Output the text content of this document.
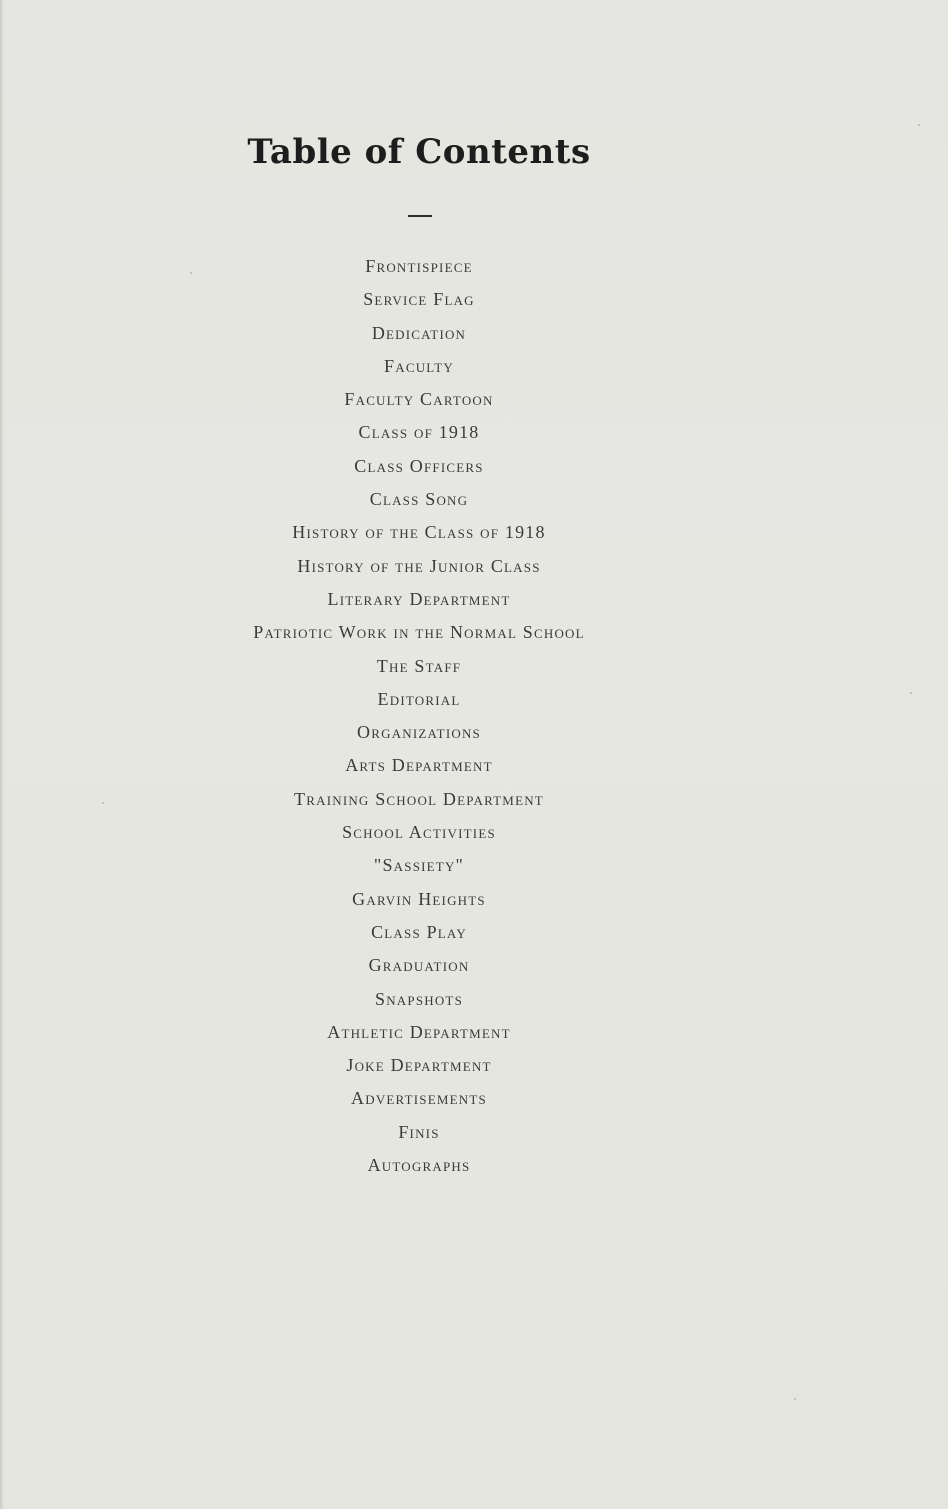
Table of Contents
Frontispiece
Service Flag
Dedication
Faculty
Faculty Cartoon
Class of 1918
Class Officers
Class Song
History of the Class of 1918
History of the Junior Class
Literary Department
Patriotic Work in the Normal School
The Staff
Editorial
Organizations
Arts Department
Training School Department
School Activities
"Sassiety"
Garvin Heights
Class Play
Graduation
Snapshots
Athletic Department
Joke Department
Advertisements
Finis
Autographs
